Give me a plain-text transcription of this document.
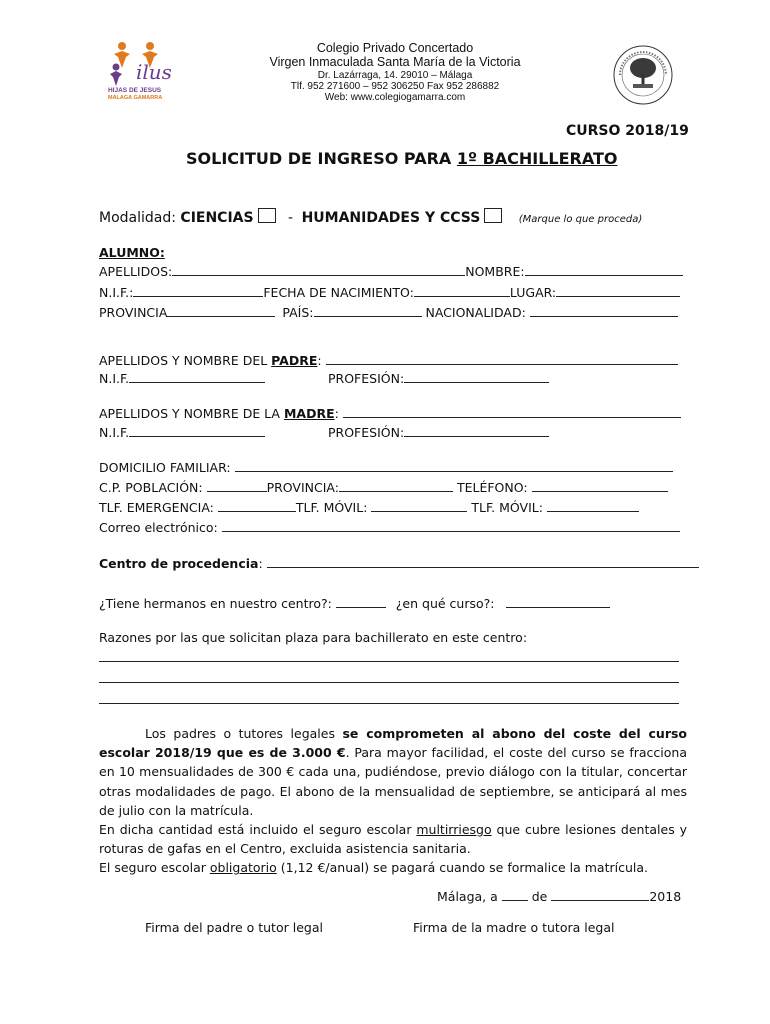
ilus
HIJAS DE JESUS
MÁLAGA GAMARRA
Colegio Privado Concertado
Virgen Inmaculada Santa María de la Victoria
Dr. Lazárraga, 14. 29010 – Málaga
Tlf. 952 271600 – 952 306250 Fax 952 286882
Web: www.colegiogamarra.com
CURSO 2018/19
SOLICITUD DE INGRESO PARA 1º BACHILLERATO
Modalidad: CIENCIAS - HUMANIDADES Y CCSS	(Marque lo que proceda)
ALUMNO:
APELLIDOS:	NOMBRE:
N.I.F.:	FECHA DE NACIMIENTO:	LUGAR:
PROVINCIA	PAÍS:	NACIONALIDAD:
APELLIDOS Y NOMBRE DEL PADRE:
N.I.F.	PROFESIÓN:
APELLIDOS Y NOMBRE DE LA MADRE:
N.I.F.	PROFESIÓN:
DOMICILIO FAMILIAR:
C.P. POBLACIÓN:	PROVINCIA:	TELÉFONO:
TLF. EMERGENCIA:	TLF. MÓVIL:	TLF. MÓVIL:
Correo electrónico:
Centro de procedencia:
¿Tiene hermanos en nuestro centro?:	¿en qué curso?:
Razones por las que solicitan plaza para bachillerato en este centro:
Los padres o tutores legales se comprometen al abono del coste del curso escolar 2018/19 que es de 3.000 €. Para mayor facilidad, el coste del curso se fracciona en 10 mensualidades de 300 € cada una, pudiéndose, previo diálogo con la titular, concertar otras modalidades de pago. El abono de la mensualidad de septiembre, se anticipará al mes de julio con la matrícula.
En dicha cantidad está incluido el seguro escolar multirriesgo que cubre lesiones dentales y roturas de gafas en el Centro, excluida asistencia sanitaria.
El seguro escolar obligatorio (1,12 €/anual) se pagará cuando se formalice la matrícula.
Málaga, a  de	2018
Firma del padre o tutor legal	Firma de la madre o tutora legal
